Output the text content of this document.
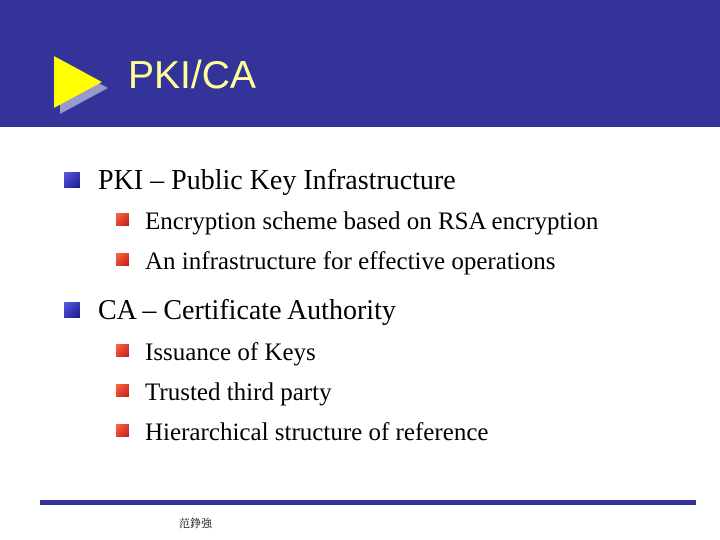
PKI/CA
PKI – Public Key Infrastructure
Encryption scheme based on RSA encryption
An infrastructure for effective operations
CA – Certificate Authority
Issuance of Keys
Trusted third party
Hierarchical structure of reference
范錚強
